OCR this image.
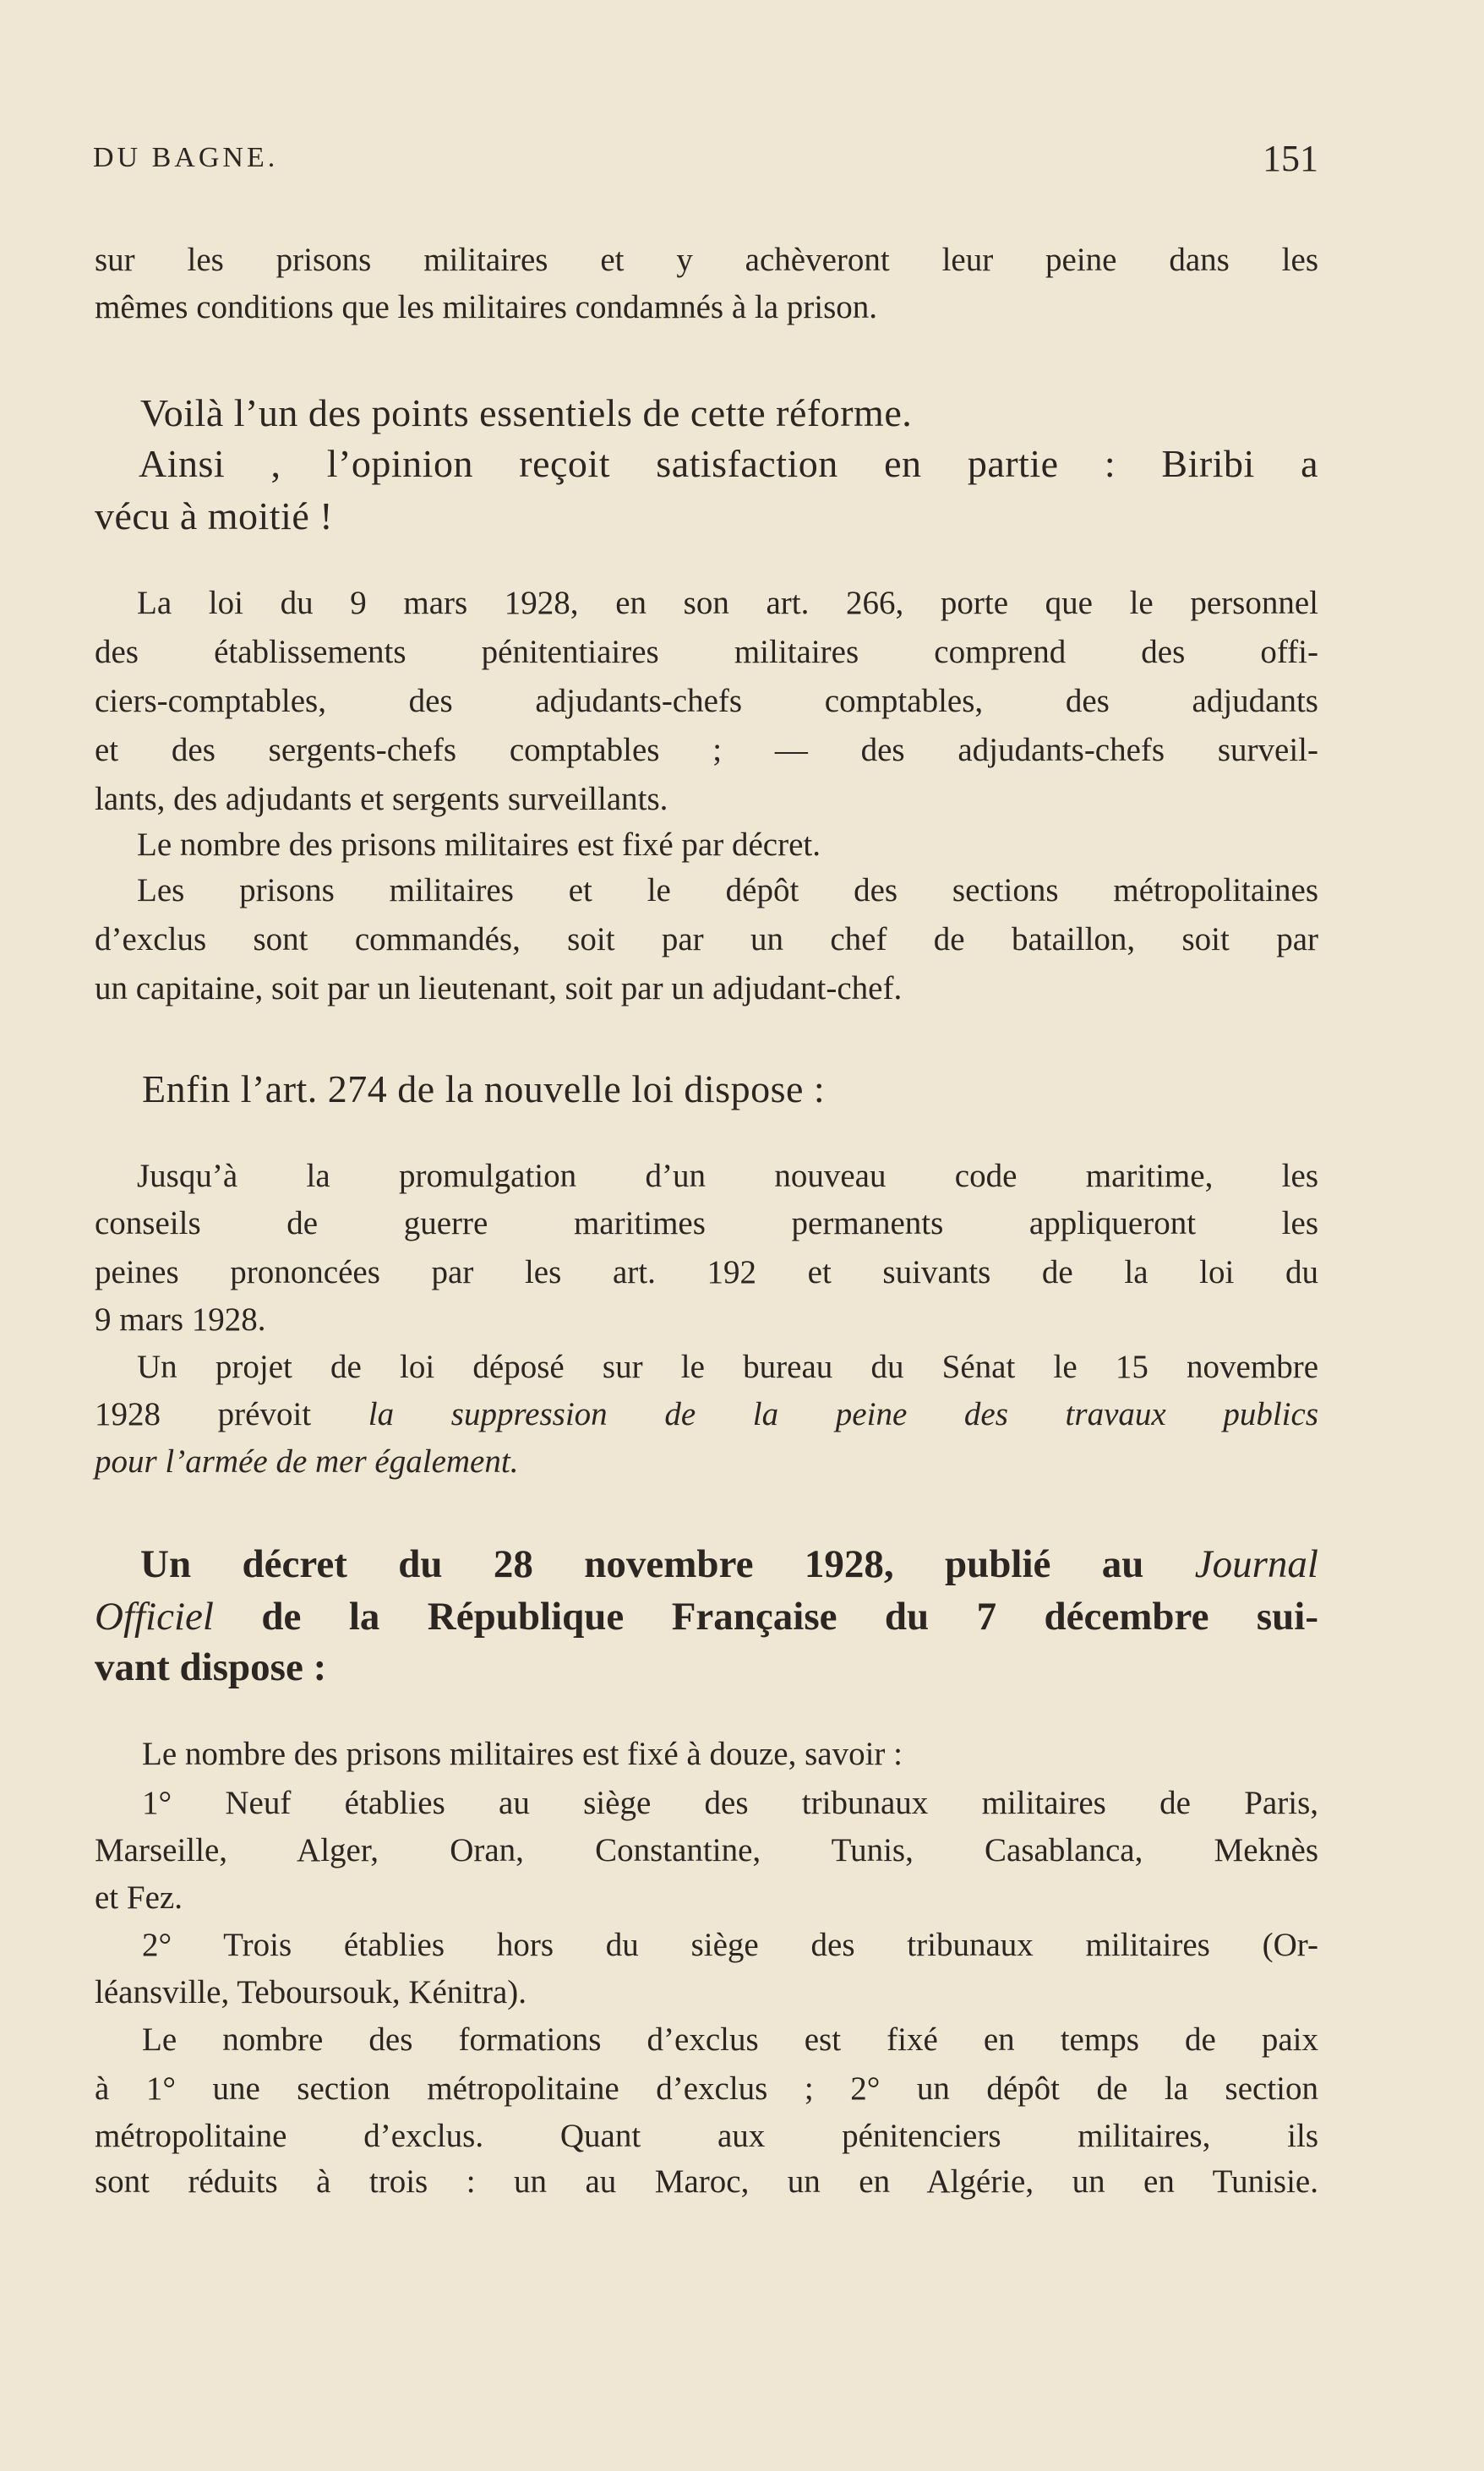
DU BAGNE.	151

sur les prisons militaires et y achèveront leur peine dans les

mêmes conditions que les militaires condamnés à la prison.

Voilà l’un des points essentiels de cette réforme.

Ainsi , l’opinion reçoit satisfaction en partie : Biribi a

vécu à moitié !

La loi du 9 mars 1928, en son art. 266, porte que le personnel

des établissements pénitentiaires militaires comprend des offi-

ciers-comptables, des adjudants-chefs comptables, des adjudants

et des sergents-chefs comptables ; — des adjudants-chefs surveil-

lants, des adjudants et sergents surveillants.

Le nombre des prisons militaires est fixé par décret.

Les prisons militaires et le dépôt des sections métropolitaines

d’exclus sont commandés, soit par un chef de bataillon, soit par

un capitaine, soit par un lieutenant, soit par un adjudant-chef.

Enfin l’art. 274 de la nouvelle loi dispose :

Jusqu’à la promulgation d’un nouveau code maritime, les

conseils de guerre maritimes permanents appliqueront les

peines prononcées par les art. 192 et suivants de la loi du

9 mars 1928.

Un projet de loi déposé sur le bureau du Sénat le 15 novembre

1928 prévoit la suppression de la peine des travaux publics

pour l’armée de mer également.

Un décret du 28 novembre 1928, publié au Journal

Officiel de la République Française du 7 décembre sui-

vant dispose :

Le nombre des prisons militaires est fixé à douze, savoir :

1° Neuf établies au siège des tribunaux militaires de Paris,

Marseille, Alger, Oran, Constantine, Tunis, Casablanca, Meknès

et Fez.

2° Trois établies hors du siège des tribunaux militaires (Or-

léansville, Teboursouk, Kénitra).

Le nombre des formations d’exclus est fixé en temps de paix

à 1° une section métropolitaine d’exclus ; 2° un dépôt de la section

métropolitaine d’exclus. Quant aux pénitenciers militaires, ils

sont réduits à trois : un au Maroc, un en Algérie, un en Tunisie.
